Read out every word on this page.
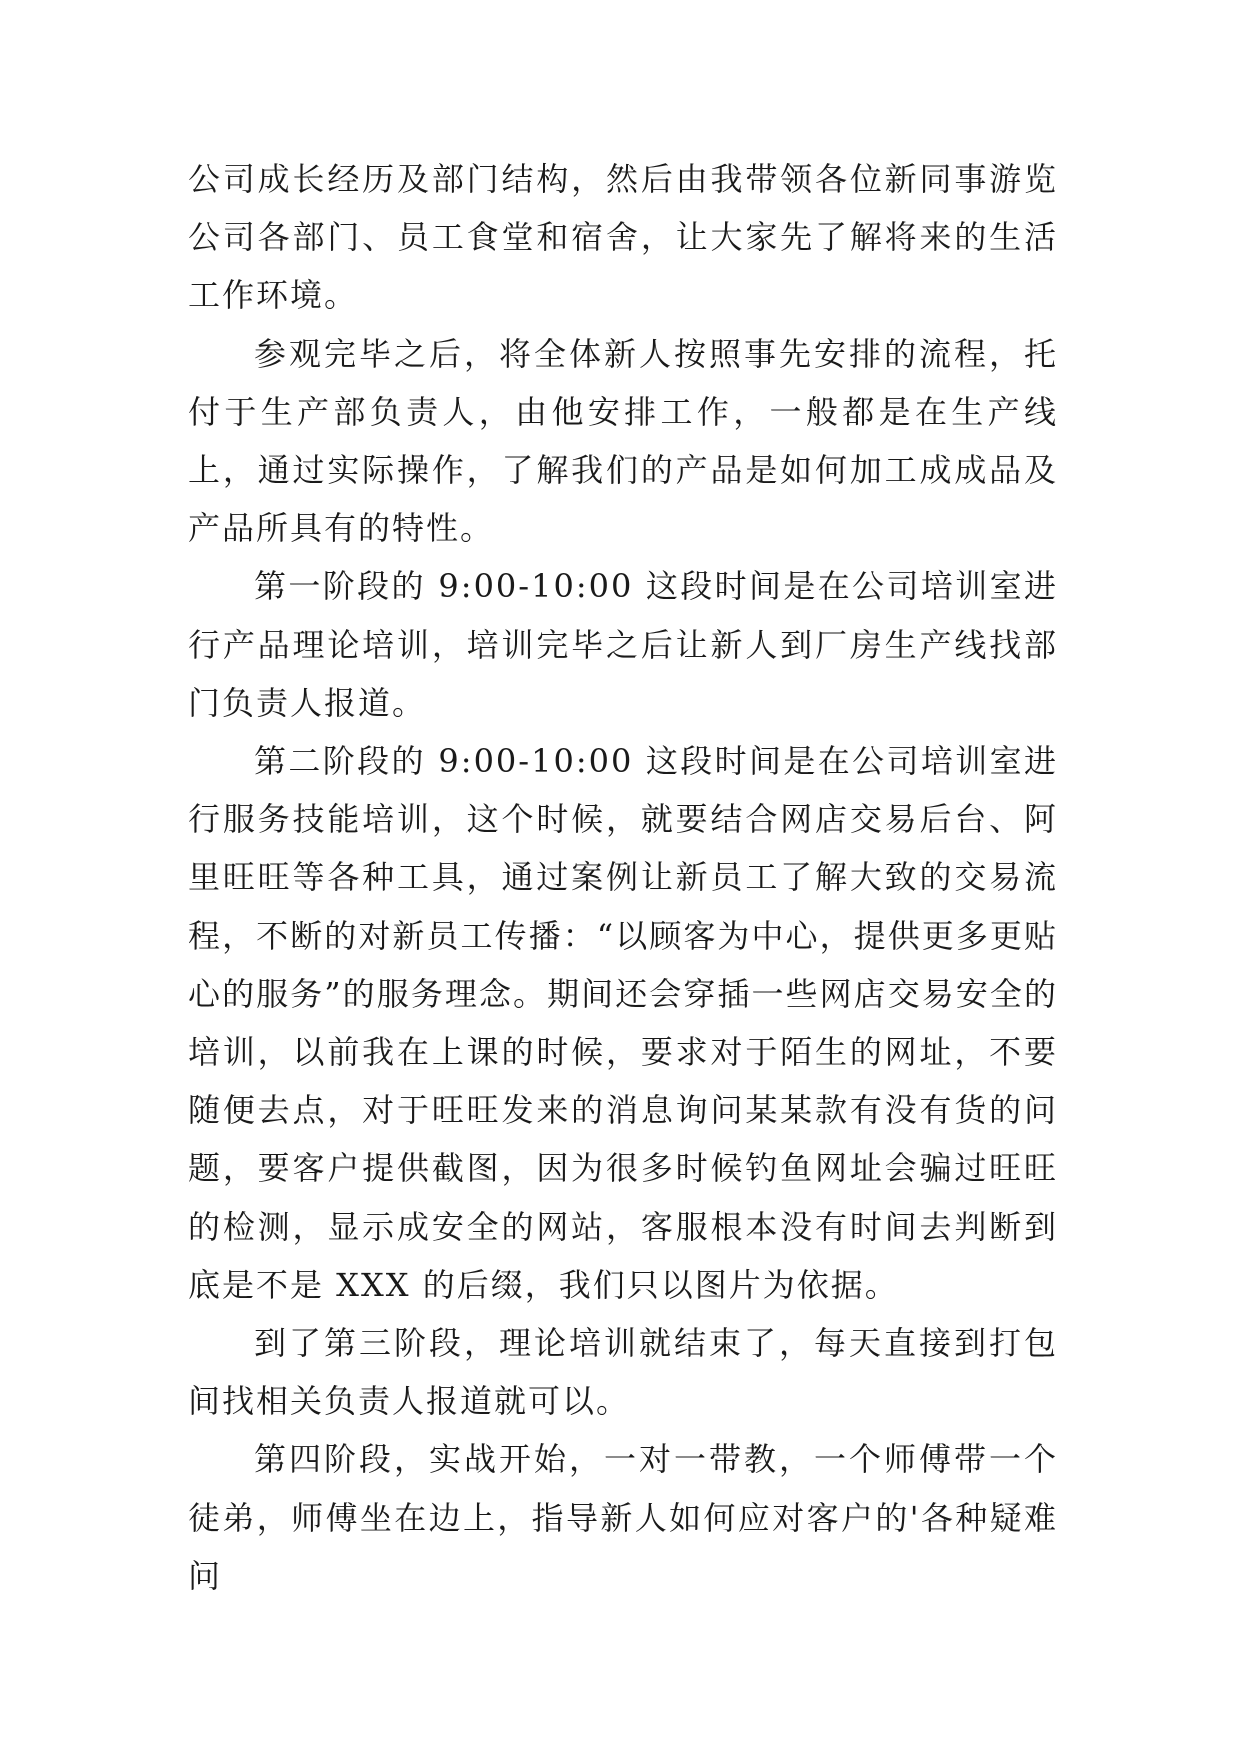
公司成长经历及部门结构，然后由我带领各位新同事游览公司各部门、员工食堂和宿舍，让大家先了解将来的生活工作环境。

参观完毕之后，将全体新人按照事先安排的流程，托付于生产部负责人，由他安排工作，一般都是在生产线上，通过实际操作，了解我们的产品是如何加工成成品及产品所具有的特性。

第一阶段的 9:00-10:00 这段时间是在公司培训室进行产品理论培训，培训完毕之后让新人到厂房生产线找部门负责人报道。

第二阶段的 9:00-10:00 这段时间是在公司培训室进行服务技能培训，这个时候，就要结合网店交易后台、阿里旺旺等各种工具，通过案例让新员工了解大致的交易流程，不断的对新员工传播：“以顾客为中心，提供更多更贴心的服务”的服务理念。期间还会穿插一些网店交易安全的培训，以前我在上课的时候，要求对于陌生的网址，不要随便去点，对于旺旺发来的消息询问某某款有没有货的问题，要客户提供截图，因为很多时候钓鱼网址会骗过旺旺的检测，显示成安全的网站，客服根本没有时间去判断到底是不是 XXX 的后缀，我们只以图片为依据。

到了第三阶段，理论培训就结束了，每天直接到打包间找相关负责人报道就可以。

第四阶段，实战开始，一对一带教，一个师傅带一个徒弟，师傅坐在边上，指导新人如何应对客户的'各种疑难问
